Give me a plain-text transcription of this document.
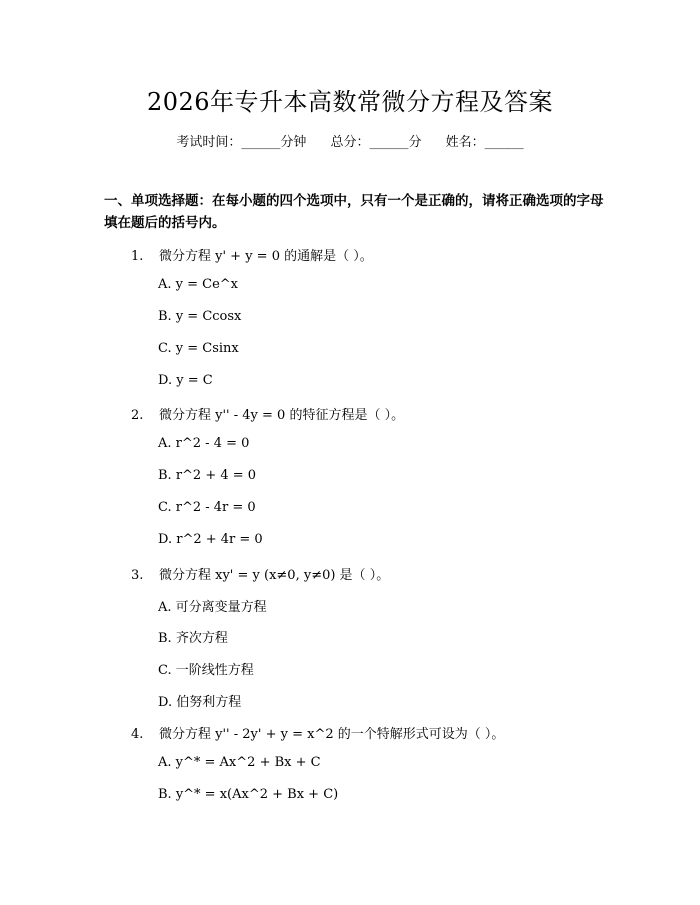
2026年专升本高数常微分方程及答案
考试时间：______分钟 总分：______分 姓名：______
一、单项选择题：在每小题的四个选项中，只有一个是正确的，请将正确选项的字母填在题后的括号内。
1. 微分方程 y' + y = 0 的通解是（ ）。
A. y = Ce^x
B. y = Ccosx
C. y = Csinx
D. y = C
2. 微分方程 y'' - 4y = 0 的特征方程是（ ）。
A. r^2 - 4 = 0
B. r^2 + 4 = 0
C. r^2 - 4r = 0
D. r^2 + 4r = 0
3. 微分方程 xy' = y (x≠0, y≠0) 是（ ）。
A. 可分离变量方程
B. 齐次方程
C. 一阶线性方程
D. 伯努利方程
4. 微分方程 y'' - 2y' + y = x^2 的一个特解形式可设为（ ）。
A. y^* = Ax^2 + Bx + C
B. y^* = x(Ax^2 + Bx + C)
